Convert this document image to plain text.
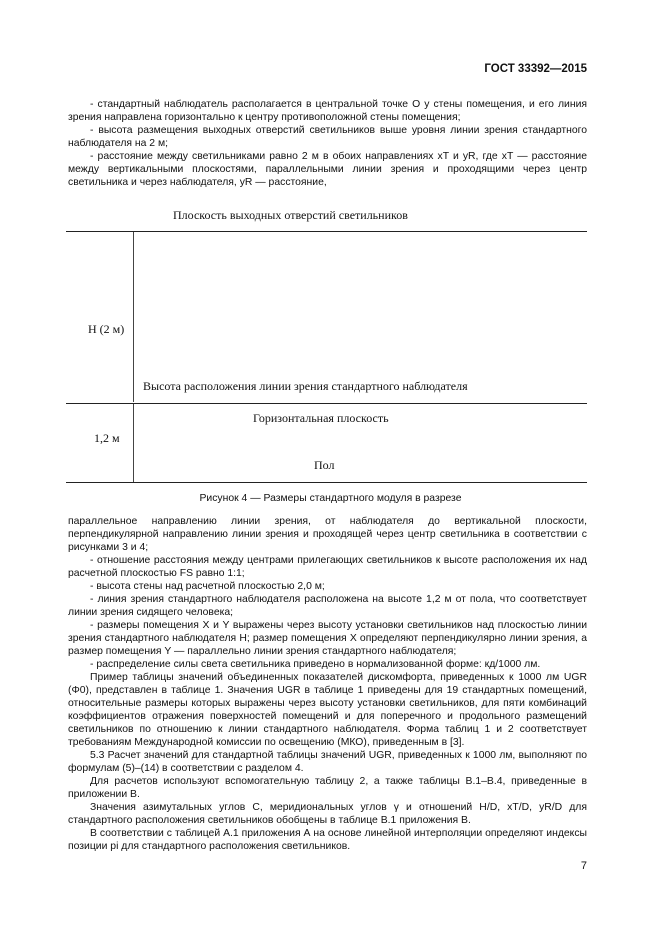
ГОСТ 33392—2015

- стандартный наблюдатель располагается в центральной точке О у стены помещения, и его линия зрения направлена горизонтально к центру противоположной стены помещения;

- высота размещения выходных отверстий светильников выше уровня линии зрения стандартного наблюдателя на 2 м;

- расстояние между светильниками равно 2 м в обоих направлениях xT и yR, где xT — расстояние между вертикальными плоскостями, параллельными линии зрения и проходящими через центр светильника и через наблюдателя, yR — расстояние,

Плоскость выходных отверстий светильников
H (2 м)
Высота расположения линии зрения стандартного наблюдателя
Горизонтальная плоскость
1,2 м
Пол
Рисунок 4 — Размеры стандартного модуля в разрезе

параллельное направлению линии зрения, от наблюдателя до вертикальной плоскости, перпендикулярной направлению линии зрения и проходящей через центр светильника в соответствии с рисунками 3 и 4;

- отношение расстояния между центрами прилегающих светильников к высоте расположения их над расчетной плоскостью FS равно 1:1;

- высота стены над расчетной плоскостью 2,0 м;

- линия зрения стандартного наблюдателя расположена на высоте 1,2 м от пола, что соответствует линии зрения сидящего человека;

- размеры помещения X и Y выражены через высоту установки светильников над плоскостью линии зрения стандартного наблюдателя H; размер помещения X определяют перпендикулярно линии зрения, а размер помещения Y — параллельно линии зрения стандартного наблюдателя;

- распределение силы света светильника приведено в нормализованной форме: кд/1000 лм.

Пример таблицы значений объединенных показателей дискомфорта, приведенных к 1000 лм UGR (Φ0), представлен в таблице 1. Значения UGR в таблице 1 приведены для 19 стандартных помещений, относительные размеры которых выражены через высоту установки светильников, для пяти комбинаций коэффициентов отражения поверхностей помещений и для поперечного и продольного размещений светильников по отношению к линии стандартного наблюдателя. Форма таблиц 1 и 2 соответствует требованиям Международной комиссии по освещению (МКО), приведенным в [3].

5.3 Расчет значений для стандартной таблицы значений UGR, приведенных к 1000 лм, выполняют по формулам (5)–(14) в соответствии с разделом 4.

Для расчетов используют вспомогательную таблицу 2, а также таблицы В.1–В.4, приведенные в приложении В.

Значения азимутальных углов C, меридиональных углов γ и отношений H/D, xT/D, yR/D для стандартного расположения светильников обобщены в таблице В.1 приложения В.

В соответствии с таблицей А.1 приложения А на основе линейной интерполяции определяют индексы позиции pi для стандартного расположения светильников.

7
